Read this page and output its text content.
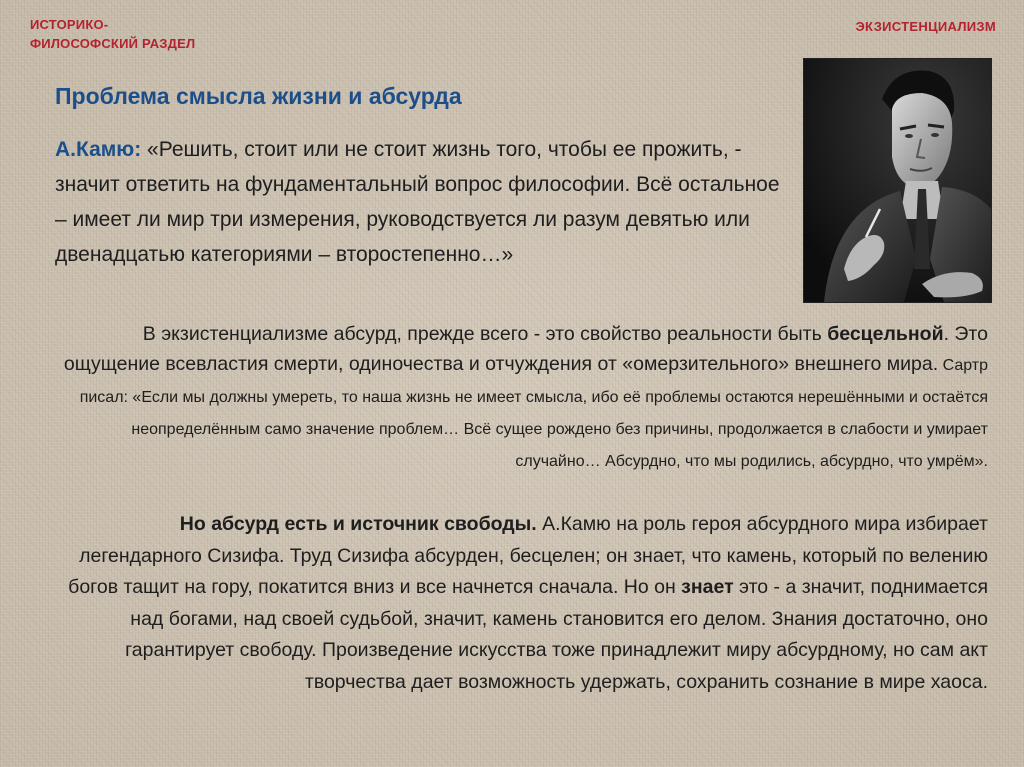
ИСТОРИКО-
ФИЛОСОФСКИЙ РАЗДЕЛ
ЭКЗИСТЕНЦИАЛИЗМ
Проблема смысла жизни и абсурда
А.Камю: «Решить, стоит или не стоит жизнь того, чтобы ее прожить, - значит ответить на фундаментальный вопрос философии. Всё остальное – имеет ли мир три измерения, руководствуется ли разум девятью или двенадцатью категориями – второстепенно…»
В экзистенциализме абсурд, прежде всего - это свойство реальности быть бесцельной. Это ощущение всевластия смерти, одиночества и отчуждения от «омерзительного» внешнего мира. Сартр писал: «Если мы должны умереть, то наша жизнь не имеет смысла, ибо её проблемы остаются нерешёнными и остаётся неопределённым само значение проблем… Всё сущее рождено без причины, продолжается в слабости и умирает случайно… Абсурдно, что мы родились, абсурдно, что умрём».
Но абсурд есть и источник свободы. А.Камю на роль героя абсурдного мира избирает легендарного Сизифа. Труд Сизифа абсурден, бесцелен; он знает, что камень, который по велению богов тащит на гору, покатится вниз и все начнется сначала. Но он знает это - а значит, поднимается над богами, над своей судьбой, значит, камень становится его делом. Знания достаточно, оно гарантирует свободу. Произведение искусства тоже принадлежит миру абсурдному, но сам акт творчества дает возможность удержать, сохранить сознание в мире хаоса.
